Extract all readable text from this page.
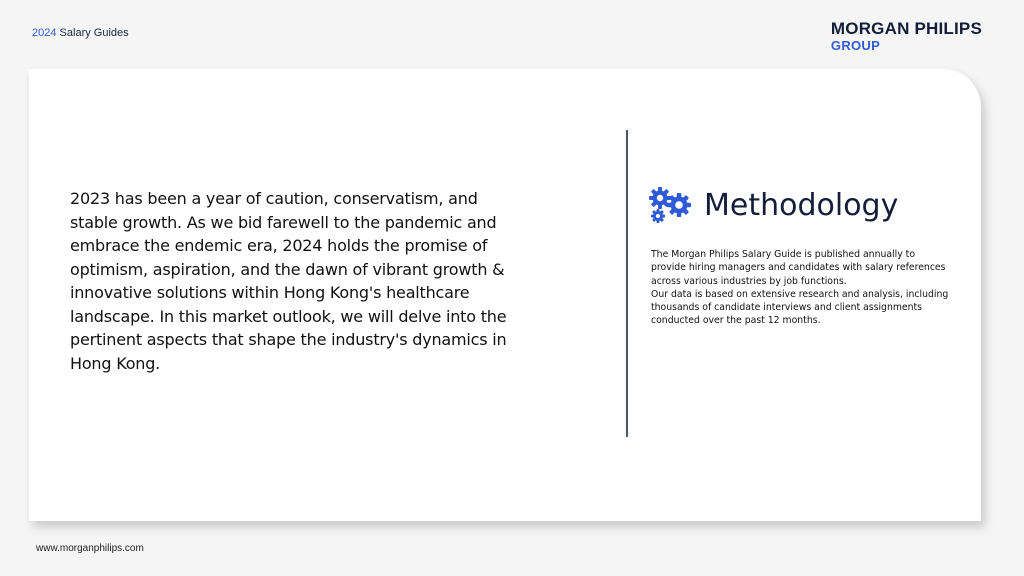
2024 Salary Guides	MORGAN PHILIPS
GROUP
2023 has been a year of caution, conservatism, and stable growth. As we bid farewell to the pandemic and embrace the endemic era, 2024 holds the promise of optimism, aspiration, and the dawn of vibrant growth & innovative solutions within Hong Kong's healthcare landscape. In this market outlook, we will delve into the pertinent aspects that shape the industry's dynamics in Hong Kong.
Methodology

The Morgan Philips Salary Guide is published annually to provide hiring managers and candidates with salary references across various industries by job functions.

Our data is based on extensive research and analysis, including thousands of candidate interviews and client assignments conducted over the past 12 months.

www.morganphilips.com
